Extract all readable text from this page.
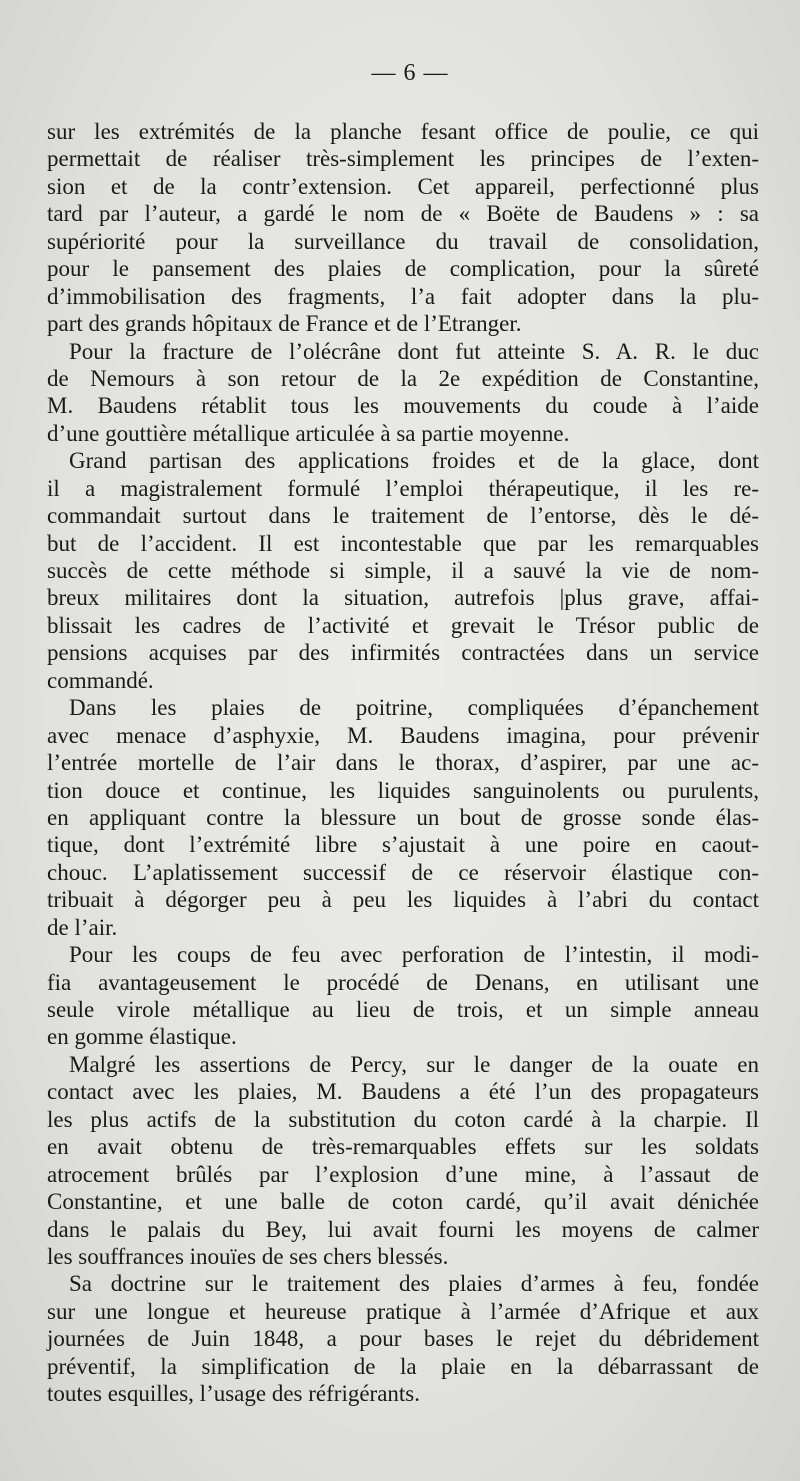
— 6 —
sur les extrémités de la planche fesant office de poulie, ce qui
permettait de réaliser très-simplement les principes de l’exten-
sion et de la contr’extension. Cet appareil, perfectionné plus
tard par l’auteur, a gardé le nom de « Boëte de Baudens » : sa
supériorité pour la surveillance du travail de consolidation,
pour le pansement des plaies de complication, pour la sûreté
d’immobilisation des fragments, l’a fait adopter dans la plu-
part des grands hôpitaux de France et de l’Etranger.
Pour la fracture de l’olécrâne dont fut atteinte S. A. R. le duc
de Nemours à son retour de la 2e expédition de Constantine,
M. Baudens rétablit tous les mouvements du coude à l’aide
d’une gouttière métallique articulée à sa partie moyenne.
Grand partisan des applications froides et de la glace, dont
il a magistralement formulé l’emploi thérapeutique, il les re-
commandait surtout dans le traitement de l’entorse, dès le dé-
but de l’accident. Il est incontestable que par les remarquables
succès de cette méthode si simple, il a sauvé la vie de nom-
breux militaires dont la situation, autrefois |plus grave, affai-
blissait les cadres de l’activité et grevait le Trésor public de
pensions acquises par des infirmités contractées dans un service
commandé.
Dans les plaies de poitrine, compliquées d’épanchement
avec menace d’asphyxie, M. Baudens imagina, pour prévenir
l’entrée mortelle de l’air dans le thorax, d’aspirer, par une ac-
tion douce et continue, les liquides sanguinolents ou purulents,
en appliquant contre la blessure un bout de grosse sonde élas-
tique, dont l’extrémité libre s’ajustait à une poire en caout-
chouc. L’aplatissement successif de ce réservoir élastique con-
tribuait à dégorger peu à peu les liquides à l’abri du contact
de l’air.
Pour les coups de feu avec perforation de l’intestin, il modi-
fia avantageusement le procédé de Denans, en utilisant une
seule virole métallique au lieu de trois, et un simple anneau
en gomme élastique.
Malgré les assertions de Percy, sur le danger de la ouate en
contact avec les plaies, M. Baudens a été l’un des propagateurs
les plus actifs de la substitution du coton cardé à la charpie. Il
en avait obtenu de très-remarquables effets sur les soldats
atrocement brûlés par l’explosion d’une mine, à l’assaut de
Constantine, et une balle de coton cardé, qu’il avait dénichée
dans le palais du Bey, lui avait fourni les moyens de calmer
les souffrances inouïes de ses chers blessés.
Sa doctrine sur le traitement des plaies d’armes à feu, fondée
sur une longue et heureuse pratique à l’armée d’Afrique et aux
journées de Juin 1848, a pour bases le rejet du débridement
préventif, la simplification de la plaie en la débarrassant de
toutes esquilles, l’usage des réfrigérants.
